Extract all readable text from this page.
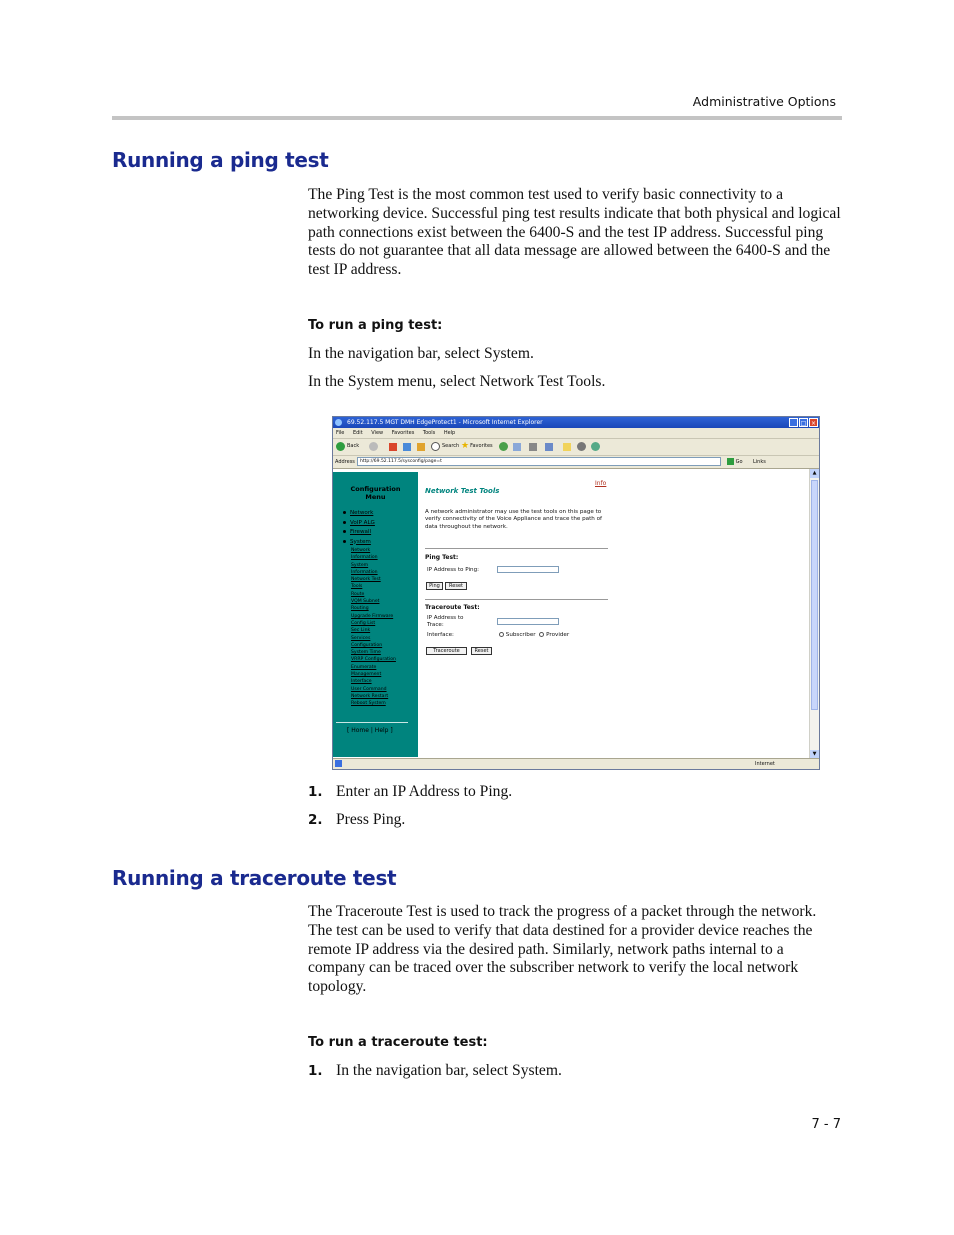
Administrative Options
Running a ping test

The Ping Test is the most common test used to verify basic connectivity to a networking device. Successful ping test results indicate that both physical and logical path connections exist between the 6400-S and the test IP address. Successful ping tests do not guarantee that all data message are allowed between the 6400-S and the test IP address.

To run a ping test:

In the navigation bar, select System.
In the System menu, select Network Test Tools.
69.52.117.5 MGT DMH EdgeProtect1 - Microsoft Internet Explorer	_ □ ×
File Edit View Favorites Tools Help
Back	Search ★ Favorites
Address	http://69.52.117.5/sysconfig/page=t	Go Links
Configuration
Menu
Network
VoIP ALG
Firewall
System
Network
Information
System
Information
Network Test
Tools
Route
VQM Subnet
Routing
Upgrade Firmware
Config List
Sec Link
Services
Configuration
System Time
VRRP Configuration
Enumerate
Management
Interface
User Command
Network Restart
Reboot System
[ Home | Help ]
Info
Network Test Tools
A network administrator may use the test tools on this page to verify connectivity of the Voice Appliance and trace the path of data throughout the network.
Ping Test:
IP Address to Ping:
Ping	Reset
Traceroute Test:
IP Address to
Trace:
Interface:	Subscriber Provider
Traceroute	Reset
▲
▼
Internet
1. Enter an IP Address to Ping.
2. Press Ping.
Running a traceroute test

The Traceroute Test is used to track the progress of a packet through the network. The test can be used to verify that data destined for a provider device reaches the remote IP address via the desired path. Similarly, network paths internal to a company can be traced over the subscriber network to verify the local network topology.

To run a traceroute test:

1. In the navigation bar, select System.
7 - 7
